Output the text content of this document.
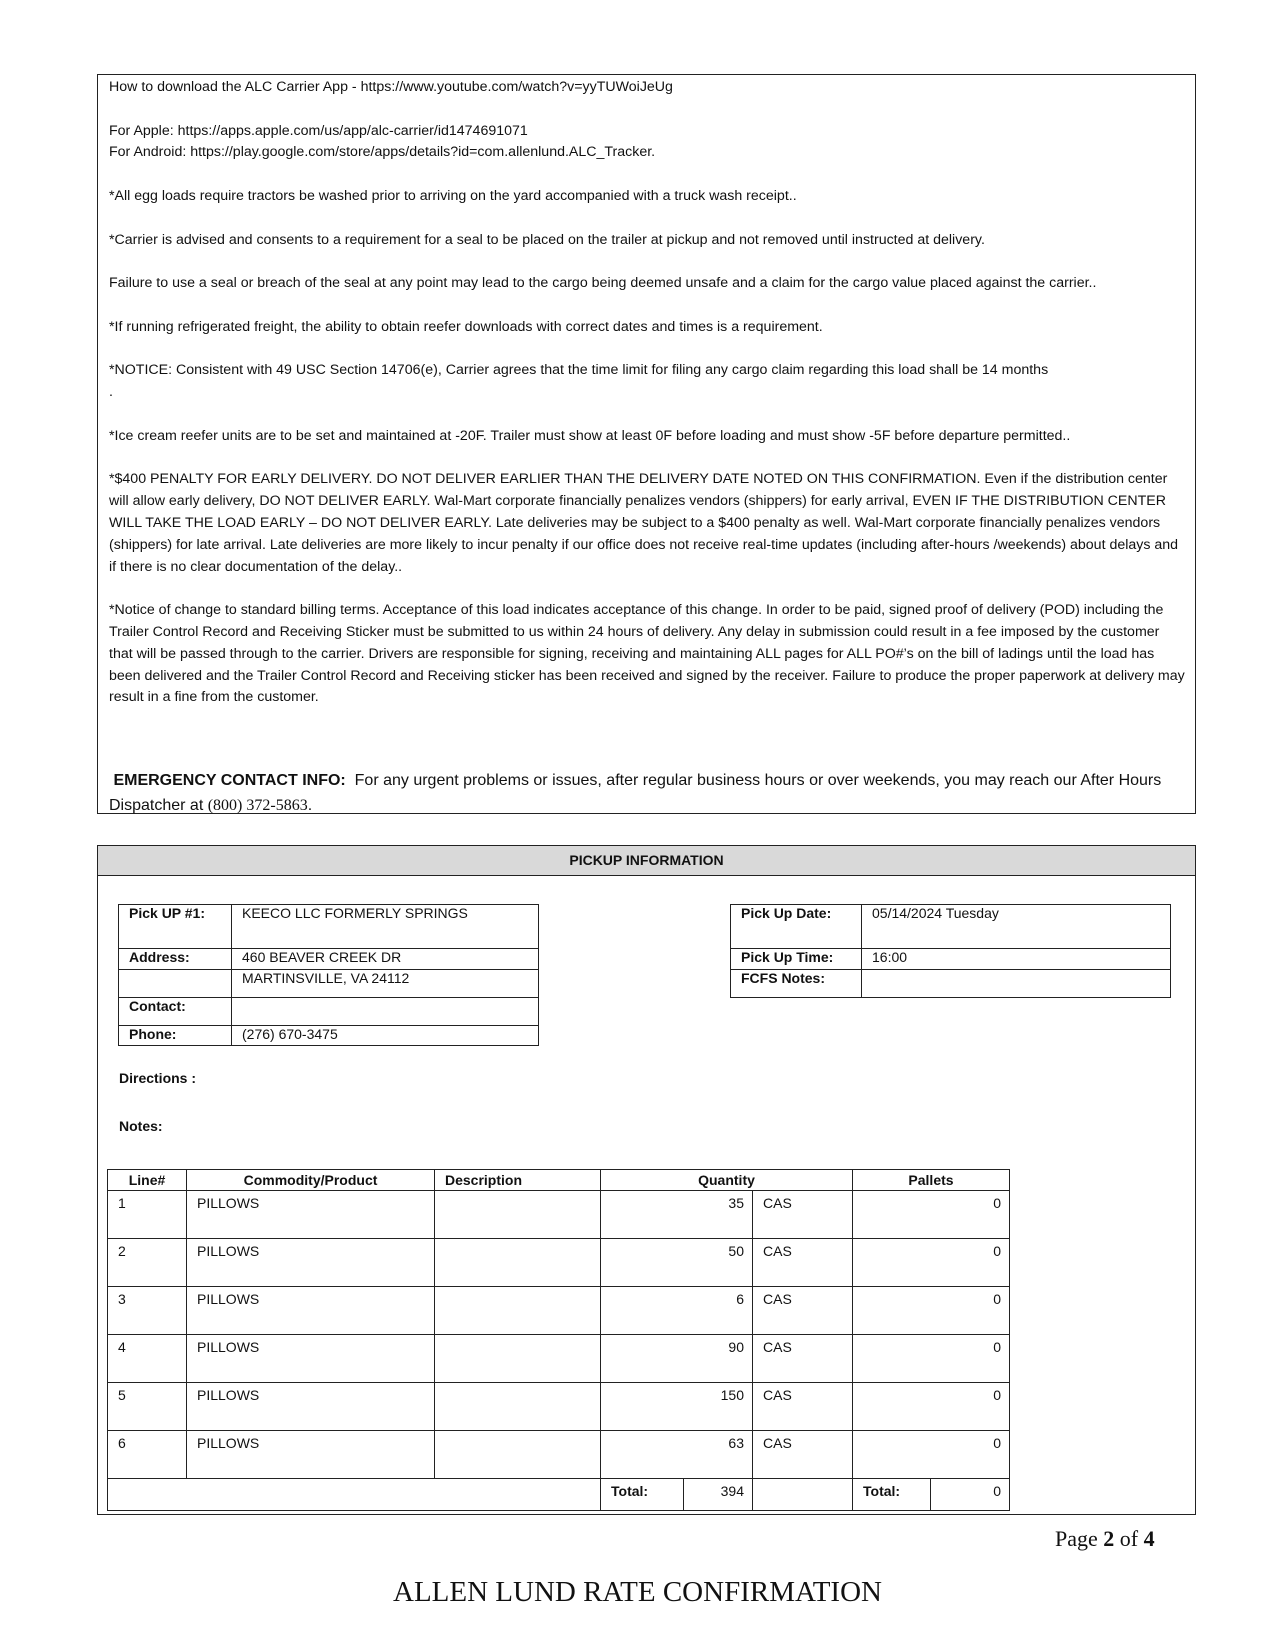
How to download the ALC Carrier App - https://www.youtube.com/watch?v=yyTUWoiJeUg

For Apple: https://apps.apple.com/us/app/alc-carrier/id1474691071

For Android: https://play.google.com/store/apps/details?id=com.allenlund.ALC_Tracker.

*All egg loads require tractors be washed prior to arriving on the yard accompanied with a truck wash receipt..

*Carrier is advised and consents to a requirement for a seal to be placed on the trailer at pickup and not removed until instructed at delivery.

Failure to use a seal or breach of the seal at any point may lead to the cargo being deemed unsafe and a claim for the cargo value placed against the carrier..

*If running refrigerated freight, the ability to obtain reefer downloads with correct dates and times is a requirement.

*NOTICE: Consistent with 49 USC Section 14706(e), Carrier agrees that the time limit for filing any cargo claim regarding this load shall be 14 months

.

*Ice cream reefer units are to be set and maintained at -20F. Trailer must show at least 0F before loading and must show -5F before departure permitted..

*$400 PENALTY FOR EARLY DELIVERY. DO NOT DELIVER EARLIER THAN THE DELIVERY DATE NOTED ON THIS CONFIRMATION. Even if the distribution center will allow early delivery, DO NOT DELIVER EARLY. Wal-Mart corporate financially penalizes vendors (shippers) for early arrival, EVEN IF THE DISTRIBUTION CENTER WILL TAKE THE LOAD EARLY – DO NOT DELIVER EARLY. Late deliveries may be subject to a $400 penalty as well. Wal-Mart corporate financially penalizes vendors (shippers) for late arrival. Late deliveries are more likely to incur penalty if our office does not receive real-time updates (including after-hours /weekends) about delays and if there is no clear documentation of the delay..

*Notice of change to standard billing terms. Acceptance of this load indicates acceptance of this change. In order to be paid, signed proof of delivery (POD) including the Trailer Control Record and Receiving Sticker must be submitted to us within 24 hours of delivery. Any delay in submission could result in a fee imposed by the customer that will be passed through to the carrier. Drivers are responsible for signing, receiving and maintaining ALL pages for ALL PO#’s on the bill of ladings until the load has been delivered and the Trailer Control Record and Receiving sticker has been received and signed by the receiver. Failure to produce the proper paperwork at delivery may result in a fine from the customer.

EMERGENCY CONTACT INFO: For any urgent problems or issues, after regular business hours or over weekends, you may reach our After Hours Dispatcher at (800) 372-5863.
PICKUP INFORMATION
Pick UP #1:	KEECO LLC FORMERLY SPRINGS
Address:	460 BEAVER CREEK DR
	MARTINSVILLE, VA 24112
Contact:	
Phone:	(276) 670-3475
Pick Up Date:	05/14/2024 Tuesday
Pick Up Time:	16:00
FCFS Notes:	
Directions :
Notes:
Line#	Commodity/Product	Description	Quantity			Pallets	
1	PILLOWS		35		CAS	0	
2	PILLOWS		50		CAS	0	
3	PILLOWS		6		CAS	0	
4	PILLOWS		90		CAS	0	
5	PILLOWS		150		CAS	0	
6	PILLOWS		63		CAS	0	
			Total:	394		Total:	0
Page 2 of 4
ALLEN LUND RATE CONFIRMATION
